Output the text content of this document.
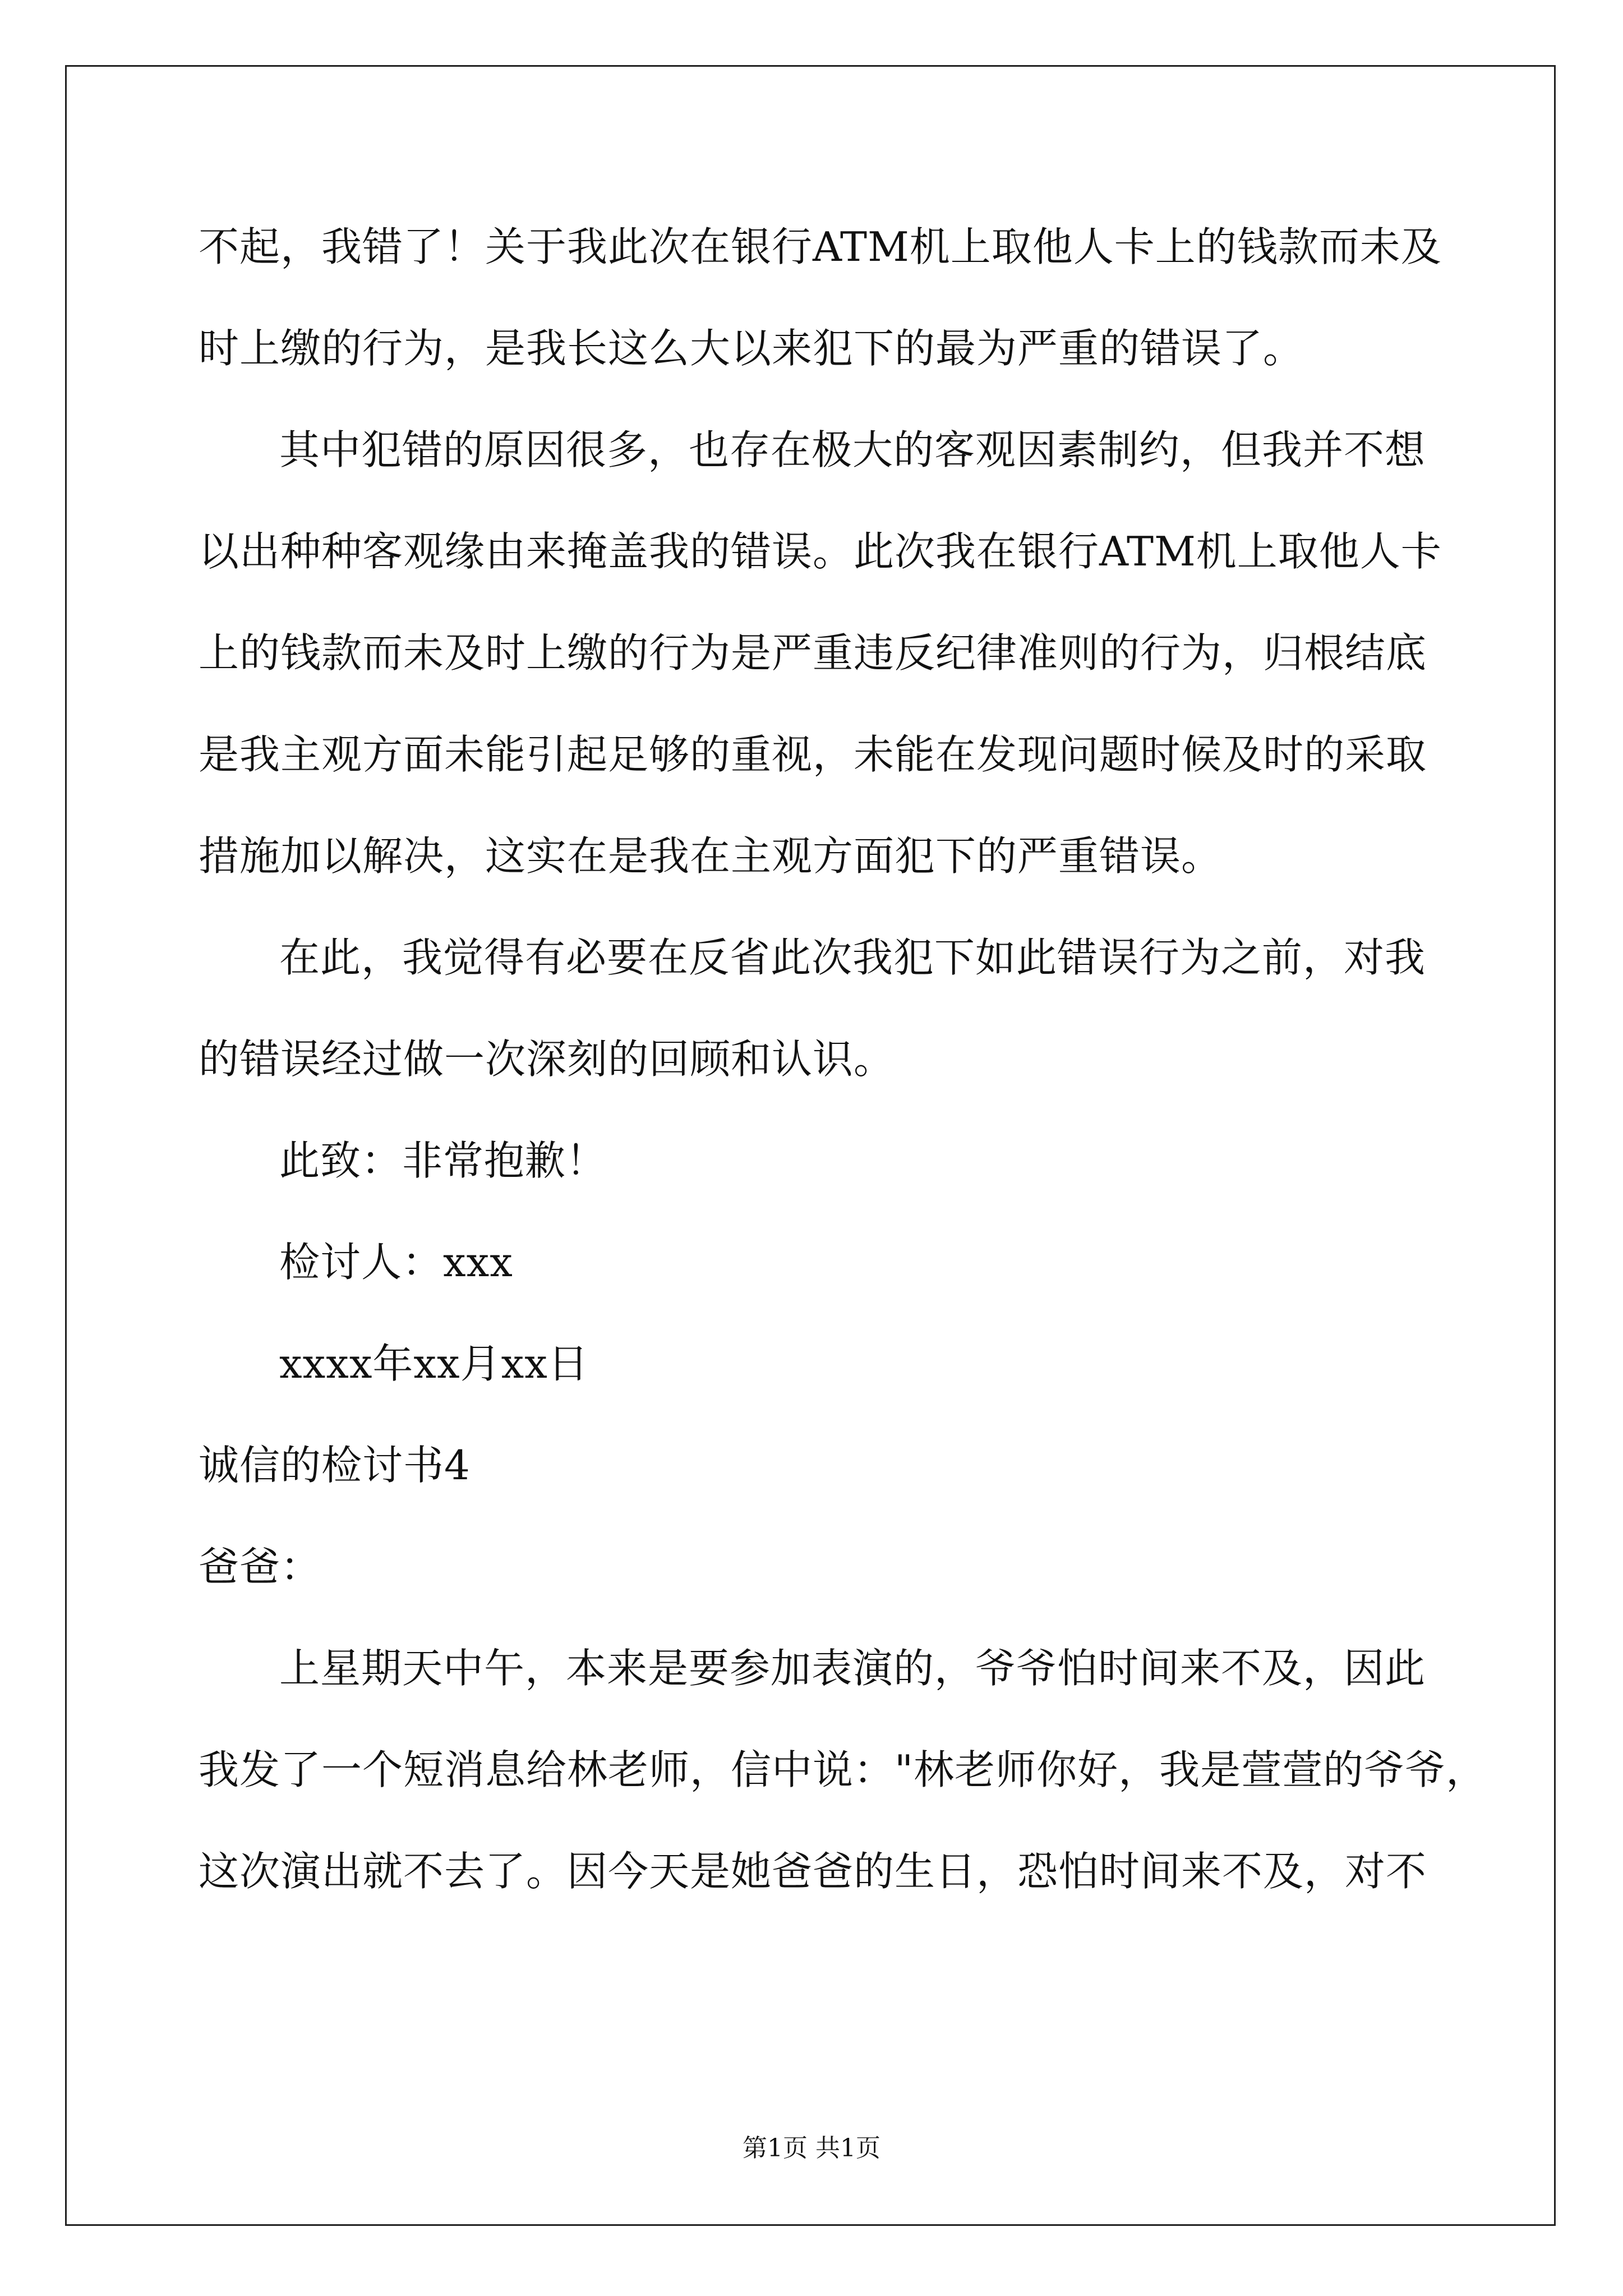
不起，我错了！关于我此次在银行ATM机上取他人卡上的钱款而未及
时上缴的行为，是我长这么大以来犯下的最为严重的错误了。
其中犯错的原因很多，也存在极大的客观因素制约，但我并不想
以出种种客观缘由来掩盖我的错误。此次我在银行ATM机上取他人卡
上的钱款而未及时上缴的行为是严重违反纪律准则的行为，归根结底
是我主观方面未能引起足够的重视，未能在发现问题时候及时的采取
措施加以解决，这实在是我在主观方面犯下的严重错误。
在此，我觉得有必要在反省此次我犯下如此错误行为之前，对我
的错误经过做一次深刻的回顾和认识。
此致：非常抱歉！
检讨人：xxx
xxxx年xx月xx日
诚信的检讨书4
爸爸：
上星期天中午，本来是要参加表演的，爷爷怕时间来不及，因此
我发了一个短消息给林老师，信中说："林老师你好，我是萱萱的爷爷，
这次演出就不去了。因今天是她爸爸的生日，恐怕时间来不及，对不
第1页 共1页
